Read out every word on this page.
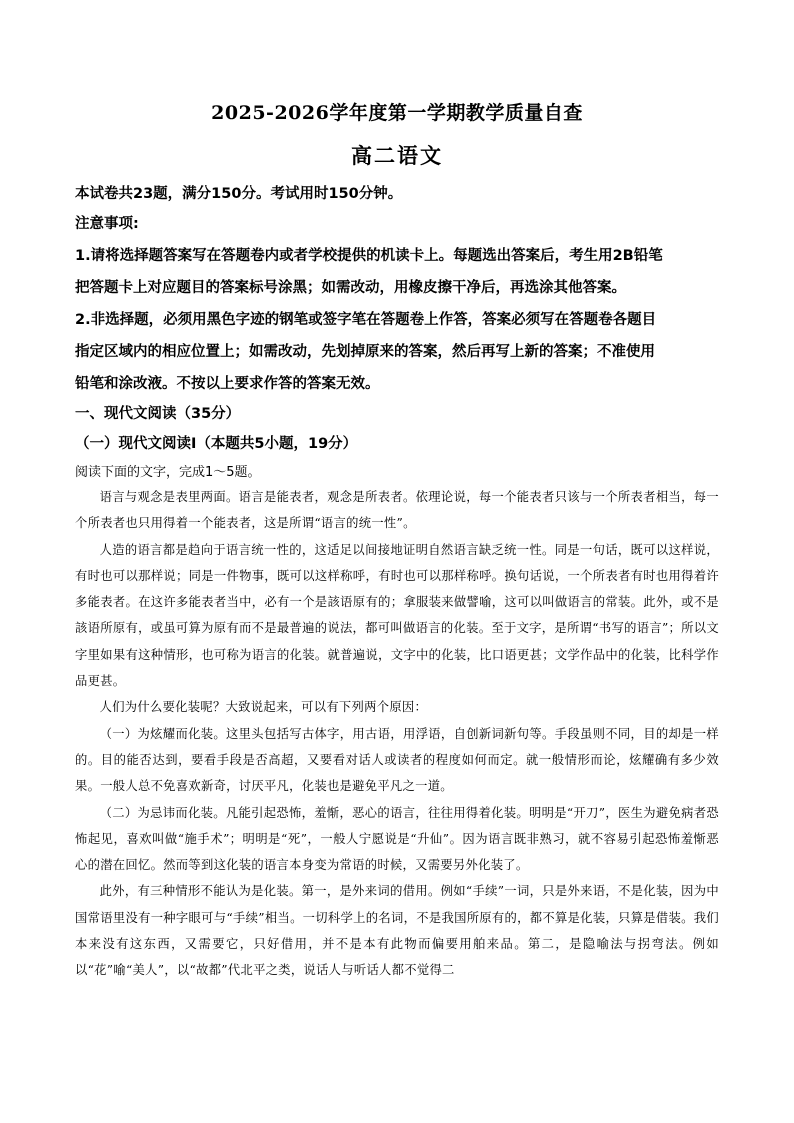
2025-2026学年度第一学期教学质量自查
高二语文
本试卷共23题，满分150分。考试用时150分钟。
注意事项:
1.请将选择题答案写在答题卷内或者学校提供的机读卡上。每题选出答案后，考生用2B铅笔
把答题卡上对应题目的答案标号涂黑；如需改动，用橡皮擦干净后，再选涂其他答案。
2.非选择题，必须用黑色字迹的钢笔或签字笔在答题卷上作答，答案必须写在答题卷各题目
指定区域内的相应位置上；如需改动，先划掉原来的答案，然后再写上新的答案；不准使用
铅笔和涂改液。不按以上要求作答的答案无效。
一、现代文阅读（35分）
（一）现代文阅读Ⅰ（本题共5小题，19分）
阅读下面的文字，完成1～5题。

语言与观念是表里两面。语言是能表者，观念是所表者。依理论说，每一个能表者只该与一个所表者相当，每一个所表者也只用得着一个能表者，这是所谓“语言的统一性”。

人造的语言都是趋向于语言统一性的，这适足以间接地证明自然语言缺乏统一性。同是一句话，既可以这样说，有时也可以那样说；同是一件物事，既可以这样称呼，有时也可以那样称呼。换句话说，一个所表者有时也用得着许多能表者。在这许多能表者当中，必有一个是該语原有的；拿服装来做譬喻，这可以叫做语言的常装。此外，或不是該语所原有，或虽可算为原有而不是最普遍的说法，都可叫做语言的化装。至于文字，是所谓“书写的语言”；所以文字里如果有这种情形，也可称为语言的化装。就普遍说，文字中的化装，比口语更甚；文学作品中的化装，比科学作品更甚。

人们为什么要化装呢？大致说起来，可以有下列两个原因：

（一）为炫耀而化装。这里头包括写古体字，用古语，用浮语，自创新词新句等。手段虽则不同，目的却是一样的。目的能否达到，要看手段是否高超，又要看对话人或读者的程度如何而定。就一般情形而论，炫耀确有多少效果。一般人总不免喜欢新奇，讨厌平凡，化装也是避免平凡之一道。

（二）为忌讳而化装。凡能引起恐怖，羞惭，恶心的语言，往往用得着化装。明明是“开刀”，医生为避免病者恐怖起见，喜欢叫做“施手术”；明明是“死”，一般人宁愿说是“升仙”。因为语言既非熟习，就不容易引起恐怖羞惭恶心的潜在回忆。然而等到这化装的语言本身变为常语的时候，又需要另外化装了。

此外，有三种情形不能认为是化装。第一，是外来词的借用。例如“手续”一词，只是外来语，不是化装，因为中国常语里没有一种字眼可与“手续”相当。一切科学上的名词，不是我国所原有的，都不算是化装，只算是借装。我们本来没有这东西，又需要它，只好借用，并不是本有此物而偏要用舶来品。第二，是隐喻法与拐弯法。例如以“花”喻“美人”，以“故都”代北平之类，说话人与听话人都不觉得二
